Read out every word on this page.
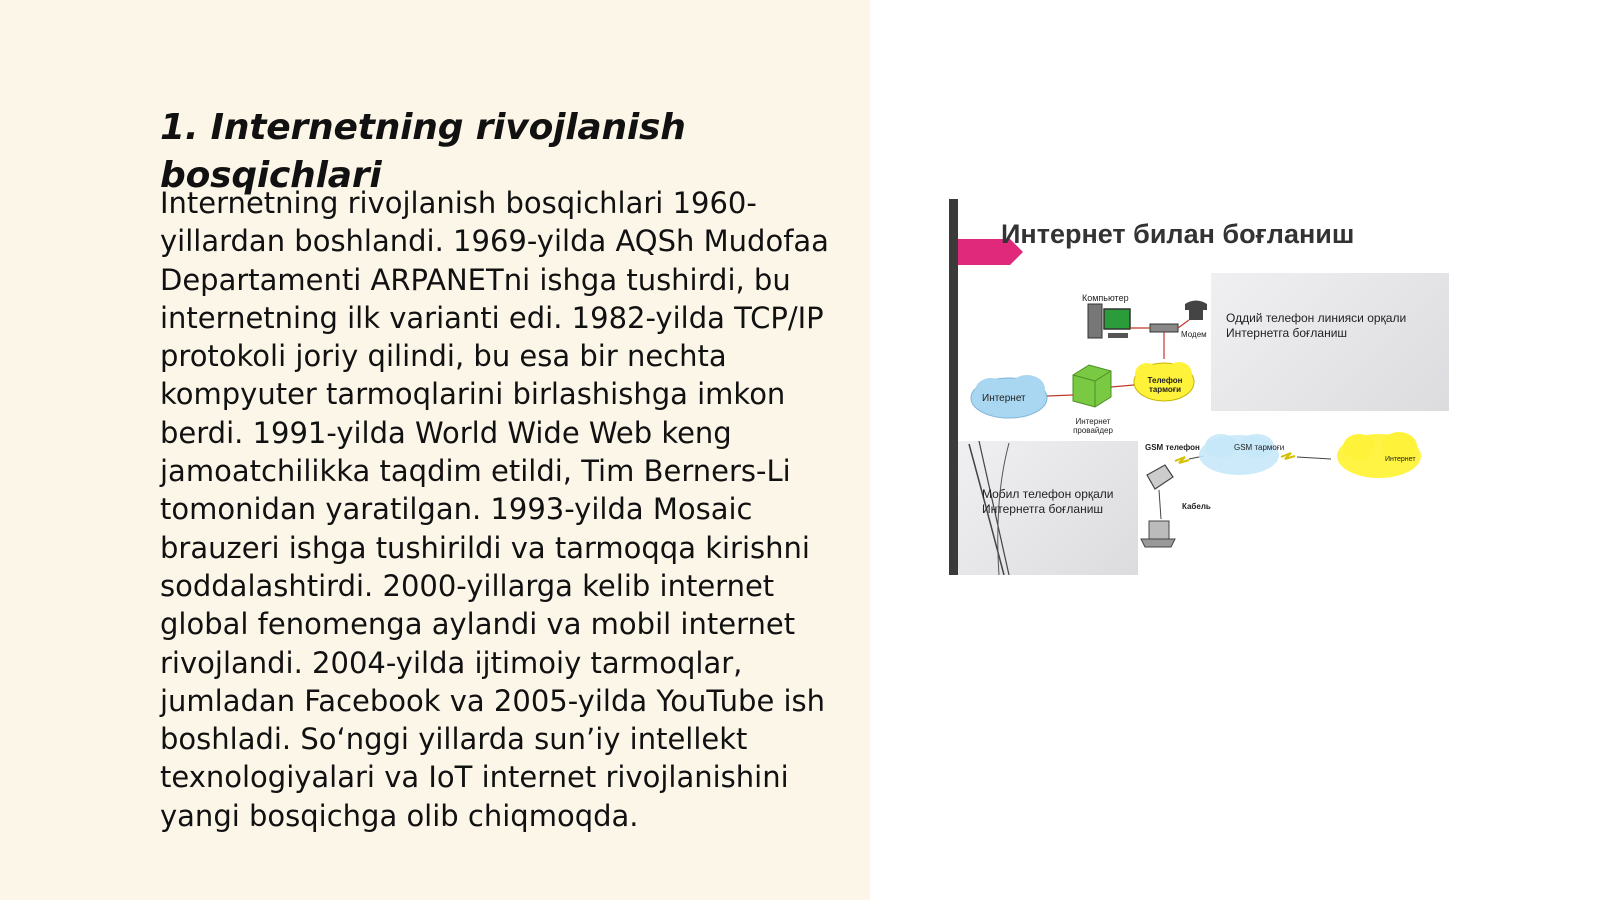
1. Internetning rivojlanish bosqichlari

Internetning rivojlanish bosqichlari 1960-yillardan boshlandi. 1969-yilda AQSh Mudofaa Departamenti ARPANETni ishga tushirdi, bu internetning ilk varianti edi. 1982-yilda TCP/IP protokoli joriy qilindi, bu esa bir nechta kompyuter tarmoqlarini birlashishga imkon berdi. 1991-yilda World Wide Web keng jamoatchilikka taqdim etildi, Tim Berners-Li tomonidan yaratilgan. 1993-yilda Mosaic brauzeri ishga tushirildi va tarmoqqa kirishni soddalashtirdi. 2000-yillarga kelib internet global fenomenga aylandi va mobil internet rivojlandi. 2004-yilda ijtimoiy tarmoqlar, jumladan Facebook va 2005-yilda YouTube ish boshladi. So‘nggi yillarda sun’iy intellekt texnologiyalari va IoT internet rivojlanishini yangi bosqichga olib chiqmoqda.

Интернет билан боғланиш
Компьютер
Модем
Оддий телефон линияси орқали Интернетга боғланиш
Интернет
Интернет провайдер
Телефон тармоғи
GSM телефон	GSM тармоғи
Интернет
Кабель
Мобил телефон орқали Интернетга боғланиш
